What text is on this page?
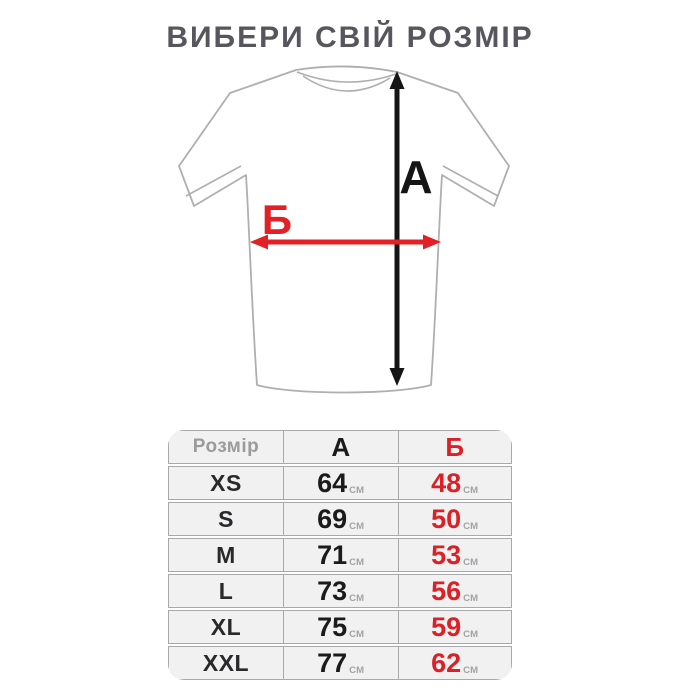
ВИБЕРИ СВІЙ РОЗМІР
А
Б
Розмір	А	Б
XS	64 СМ 48 СМ
S	69 СМ 50 СМ
M	71 СМ 53 СМ
L	73 СМ 56 СМ
XL	75 СМ 59 СМ
XXL	77 СМ 62 СМ
